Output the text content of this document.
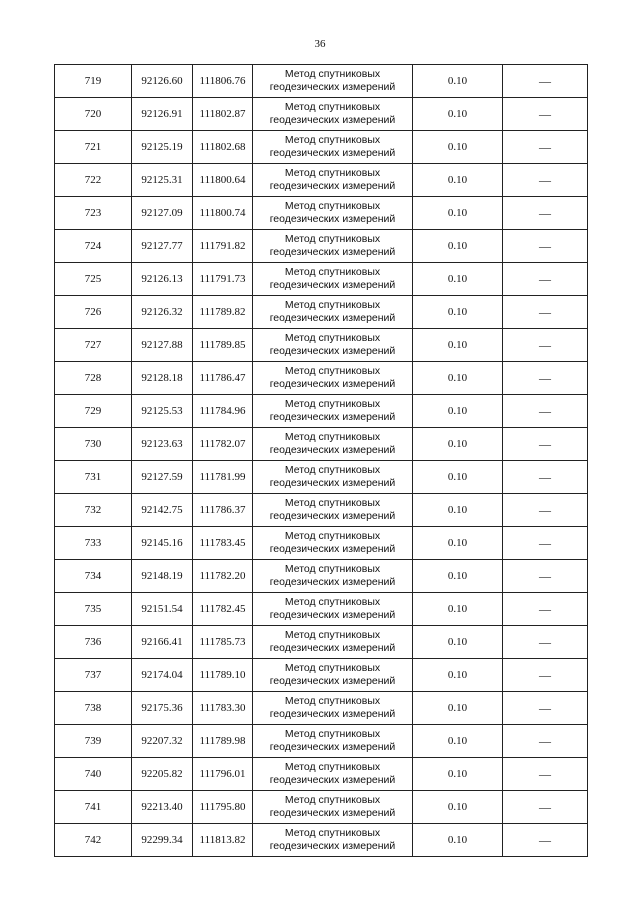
36
719	92126.60	111806.76	Метод спутниковых
геодезических измерений	0.10	—
720	92126.91	111802.87	Метод спутниковых
геодезических измерений	0.10	—
721	92125.19	111802.68	Метод спутниковых
геодезических измерений	0.10	—
722	92125.31	111800.64	Метод спутниковых
геодезических измерений	0.10	—
723	92127.09	111800.74	Метод спутниковых
геодезических измерений	0.10	—
724	92127.77	111791.82	Метод спутниковых
геодезических измерений	0.10	—
725	92126.13	111791.73	Метод спутниковых
геодезических измерений	0.10	—
726	92126.32	111789.82	Метод спутниковых
геодезических измерений	0.10	—
727	92127.88	111789.85	Метод спутниковых
геодезических измерений	0.10	—
728	92128.18	111786.47	Метод спутниковых
геодезических измерений	0.10	—
729	92125.53	111784.96	Метод спутниковых
геодезических измерений	0.10	—
730	92123.63	111782.07	Метод спутниковых
геодезических измерений	0.10	—
731	92127.59	111781.99	Метод спутниковых
геодезических измерений	0.10	—
732	92142.75	111786.37	Метод спутниковых
геодезических измерений	0.10	—
733	92145.16	111783.45	Метод спутниковых
геодезических измерений	0.10	—
734	92148.19	111782.20	Метод спутниковых
геодезических измерений	0.10	—
735	92151.54	111782.45	Метод спутниковых
геодезических измерений	0.10	—
736	92166.41	111785.73	Метод спутниковых
геодезических измерений	0.10	—
737	92174.04	111789.10	Метод спутниковых
геодезических измерений	0.10	—
738	92175.36	111783.30	Метод спутниковых
геодезических измерений	0.10	—
739	92207.32	111789.98	Метод спутниковых
геодезических измерений	0.10	—
740	92205.82	111796.01	Метод спутниковых
геодезических измерений	0.10	—
741	92213.40	111795.80	Метод спутниковых
геодезических измерений	0.10	—
742	92299.34	111813.82	Метод спутниковых
геодезических измерений	0.10	—
